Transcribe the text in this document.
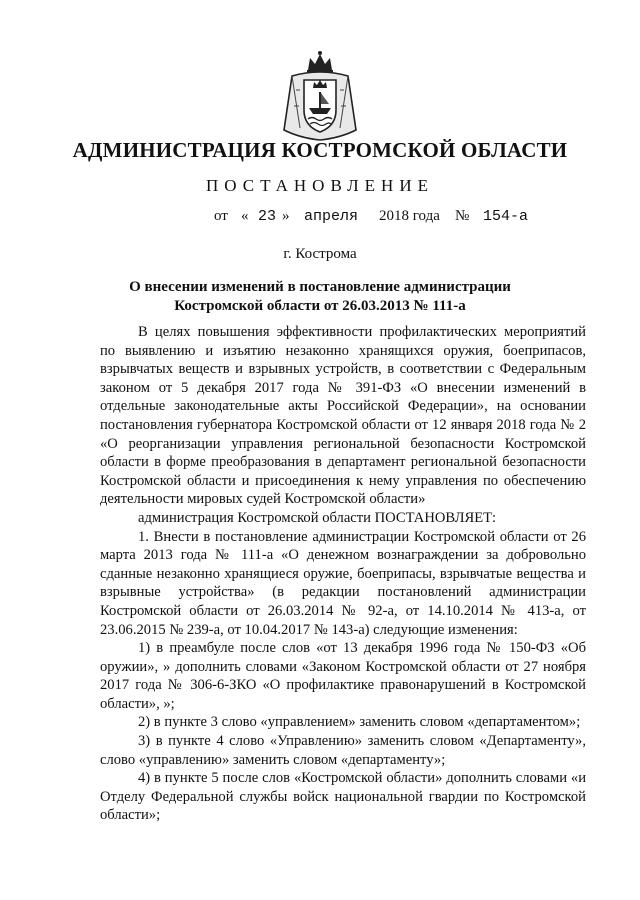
АДМИНИСТРАЦИЯ КОСТРОМСКОЙ ОБЛАСТИ
ПОСТАНОВЛЕНИЕ
от « 23 » апреля 2018 года № 154-а
г. Кострома
О внесении изменений в постановление администрации
Костромской области от 26.03.2013 № 111-а

В целях повышения эффективности профилактических мероприятий по выявлению и изъятию незаконно хранящихся оружия, боеприпасов, взрывчатых веществ и взрывных устройств, в соответствии с Федеральным законом от 5 декабря 2017 года № 391-ФЗ «О внесении изменений в отдельные законодательные акты Российской Федерации», на основании постановления губернатора Костромской области от 12 января 2018 года № 2 «О реорганизации управления региональной безопасности Костромской области в форме преобразования в департамент региональной безопасности Костромской области и присоединения к нему управления по обеспечению деятельности мировых судей Костромской области»

администрация Костромской области ПОСТАНОВЛЯЕТ:

1. Внести в постановление администрации Костромской области от 26 марта 2013 года № 111-а «О денежном вознаграждении за добровольно сданные незаконно хранящиеся оружие, боеприпасы, взрывчатые вещества и взрывные устройства» (в редакции постановлений администрации Костромской области от 26.03.2014 № 92-а, от 14.10.2014 № 413-а, от 23.06.2015 № 239-а, от 10.04.2017 № 143-а) следующие изменения:

1) в преамбуле после слов «от 13 декабря 1996 года № 150-ФЗ «Об оружии», » дополнить словами «Законом Костромской области от 27 ноября 2017 года № 306-6-ЗКО «О профилактике правонарушений в Костромской области», »;

2) в пункте 3 слово «управлением» заменить словом «департаментом»;

3) в пункте 4 слово «Управлению» заменить словом «Департаменту», слово «управлению» заменить словом «департаменту»;

4) в пункте 5 после слов «Костромской области» дополнить словами «и Отделу Федеральной службы войск национальной гвардии по Костромской области»;
